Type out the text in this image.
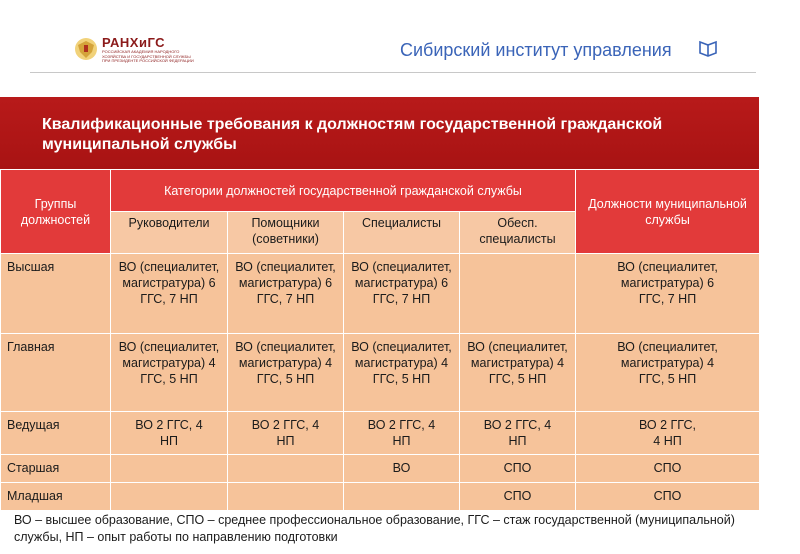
РАНХиГС
РОССИЙСКАЯ АКАДЕМИЯ НАРОДНОГО ХОЗЯЙСТВА И ГОСУДАРСТВЕННОЙ СЛУЖБЫ ПРИ ПРЕЗИДЕНТЕ РОССИЙСКОЙ ФЕДЕРАЦИИ
Сибирский институт управления
Квалификационные требования к должностям государственной гражданской муниципальной службы
Группы должностей	Категории должностей государственной гражданской службы				Должности муниципальной службы
	Руководители	Помощники (советники)	Специалисты	Обесп. специалисты	
Высшая	ВО (специалитет, магистратура) 6 ГГС, 7 НП	ВО (специалитет, магистратура) 6 ГГС, 7 НП	ВО (специалитет, магистратура) 6 ГГС, 7 НП		ВО (специалитет, магистратура) 6 ГГС, 7 НП
Главная	ВО (специалитет, магистратура) 4 ГГС, 5 НП	ВО (специалитет, магистратура) 4 ГГС, 5 НП	ВО (специалитет, магистратура) 4 ГГС, 5 НП	ВО (специалитет, магистратура) 4 ГГС, 5 НП	ВО (специалитет, магистратура) 4 ГГС, 5 НП
Ведущая	ВО 2 ГГС, 4 НП	ВО 2 ГГС, 4 НП	ВО 2 ГГС, 4 НП	ВО 2 ГГС, 4 НП	ВО 2 ГГС, 4 НП
Старшая			ВО	СПО	СПО
Младшая				СПО	СПО
ВО – высшее образование, СПО – среднее профессиональное образование, ГГС – стаж государственной (муниципальной) службы, НП – опыт работы по направлению подготовки
